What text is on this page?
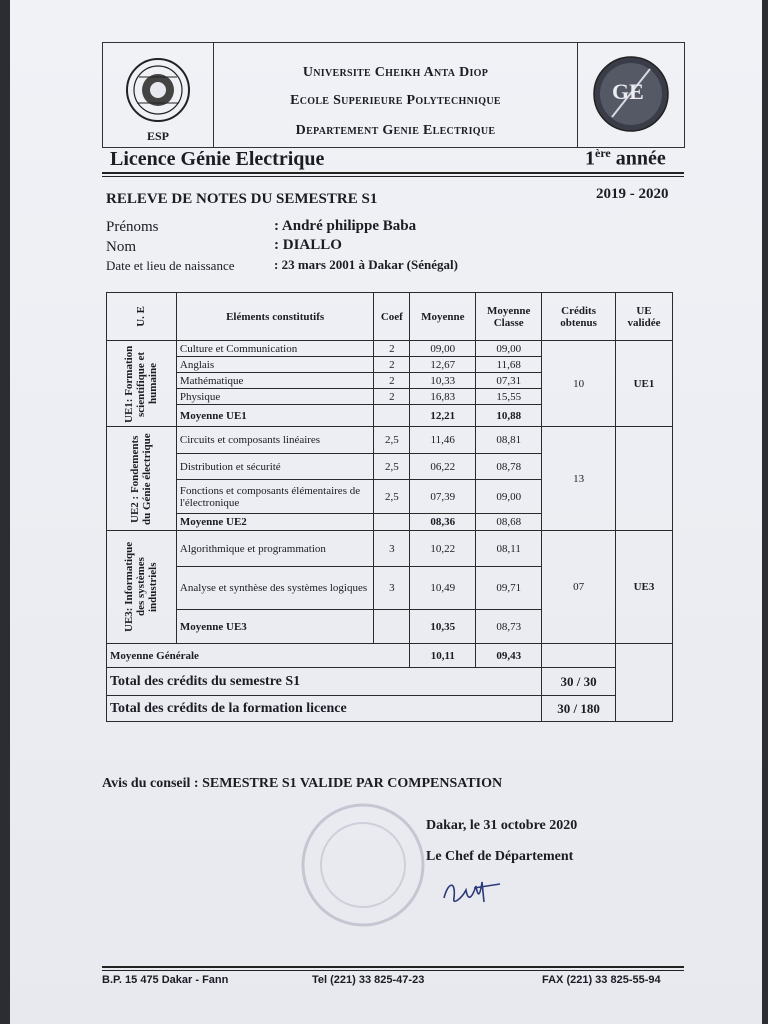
ESP
Universite Cheikh Anta Diop
Ecole Superieure Polytechnique
Departement Genie Electrique
GE
Licence Génie Electrique	1ère année
RELEVE DE NOTES DU SEMESTRE S1	2019 - 2020
Prénoms	: André philippe Baba
Nom	: DIALLO
Date et lieu de naissance	: 23 mars 2001 à Dakar (Sénégal)
U. E	Eléments constitutifs	Coef	Moyenne	Moyenne Classe	Crédits obtenus	UE validée

UE1: Formation scientifique et humaine	Culture et Communication	2	09,00	09,00	10	UE1
	Anglais	2	12,67	11,68		
	Mathématique	2	10,33	07,31		
	Physique	2	16,83	15,55		
	Moyenne UE1		12,21	10,88		

UE2 : Fondements du Génie électrique	Circuits et composants linéaires	2,5	11,46	08,81	13	
	Distribution et sécurité	2,5	06,22	08,78		
	Fonctions et composants élémentaires de l'électronique	2,5	07,39	09,00		
	Moyenne UE2		08,36	08,68		

UE3: Informatique des systèmes industriels	Algorithmique et programmation	3	10,22	08,11	07	UE3
	Analyse et synthèse des systèmes logiques	3	10,49	09,71		
	Moyenne UE3		10,35	08,73		
Moyenne Générale			10,11	09,43		
Total des crédits du semestre S1					30 / 30	
Total des crédits de la formation licence					30 / 180	
Avis du conseil : SEMESTRE S1 VALIDE PAR COMPENSATION
Dakar, le 31 octobre 2020
Le Chef de Département
B.P. 15 475 Dakar - Fann	Tel (221) 33 825-47-23	FAX (221) 33 825-55-94
